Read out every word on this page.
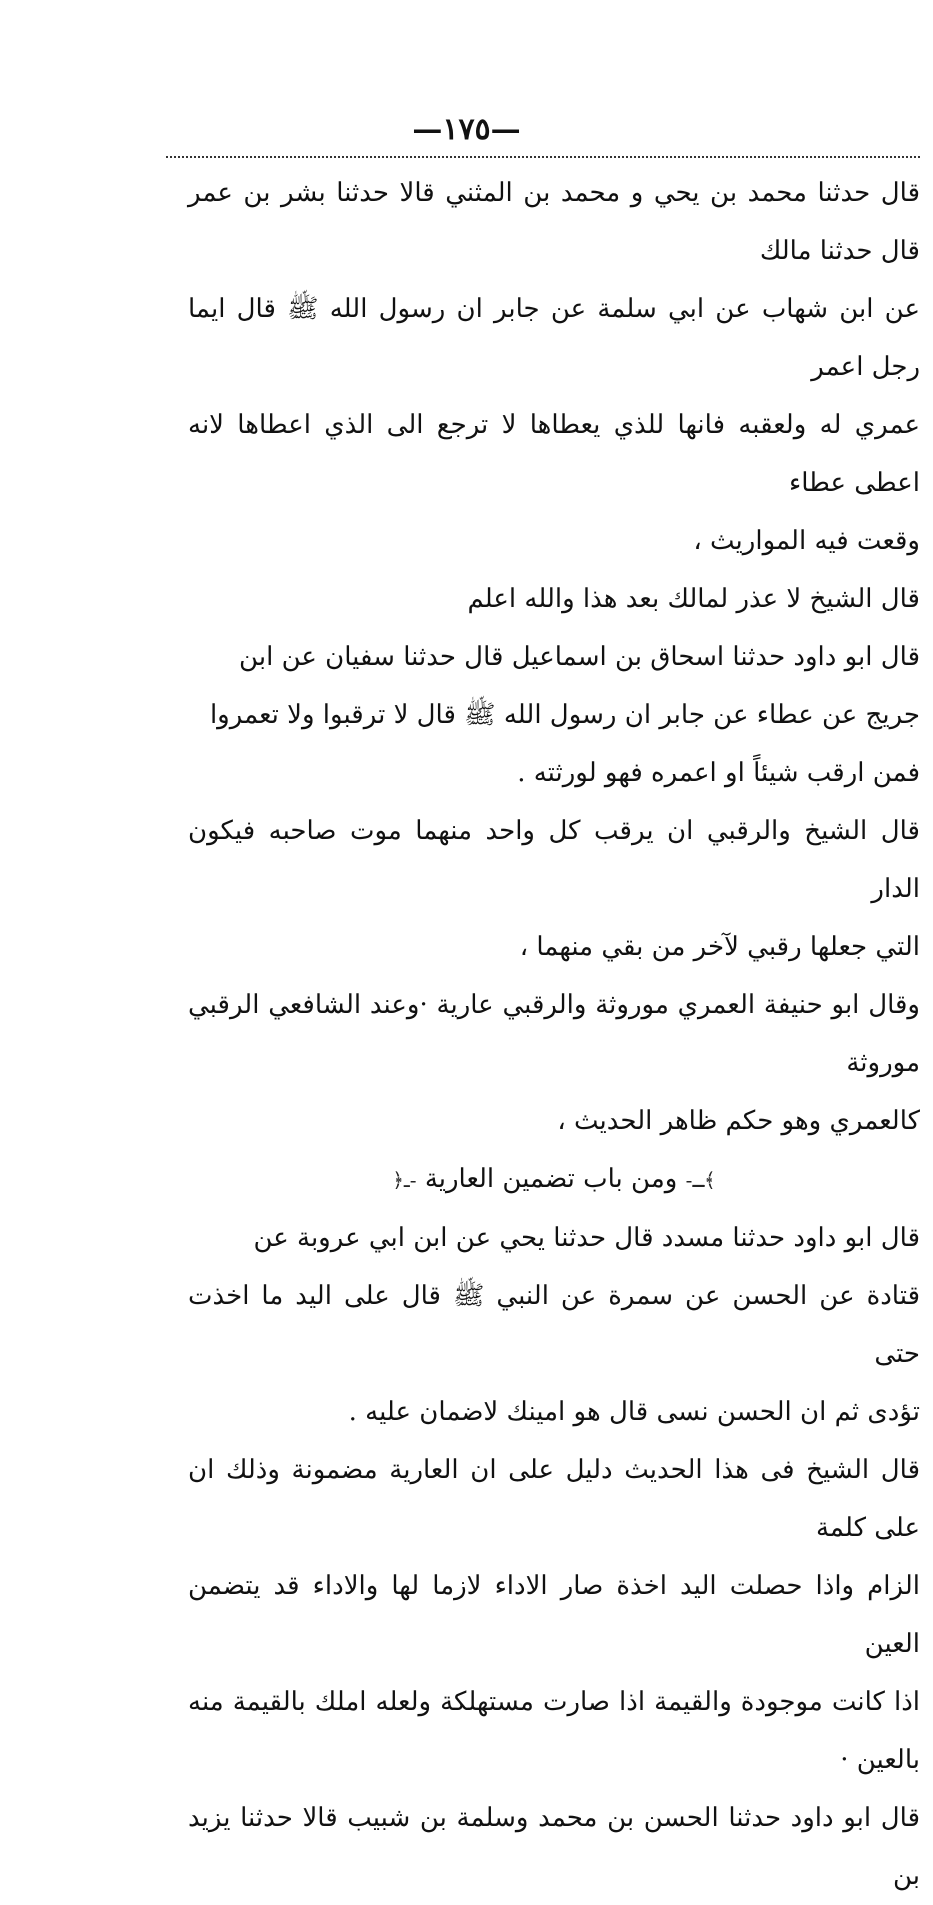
—١٧٥—

قال حدثنا محمد بن يحي و محمد بن المثني قالا حدثنا بشر بن عمر قال حدثنا مالك
عن ابن شهاب عن ابي سلمة عن جابر ان رسول الله ﷺ قال ايما رجل اعمر
عمري له ولعقبه فانها للذي يعطاها لا ترجع الى الذي اعطاها لانه اعطى عطاء
وقعت فيه المواريث ،

قال الشيخ لا عذر لمالك بعد هذا والله اعلم

قال ابو داود حدثنا اسحاق بن اسماعيل قال حدثنا سفيان عن ابن
جريج عن عطاء عن جابر ان رسول الله ﷺ قال لا ترقبوا ولا تعمروا
فمن ارقب شيئاً او اعمره فهو لورثته .

قال الشيخ والرقبي ان يرقب كل واحد منهما موت صاحبه فيكون الدار
التي جعلها رقبي لآخر من بقي منهما ،

وقال ابو حنيفة العمري موروثة والرقبي عارية ·وعند الشافعي الرقبي موروثة
كالعمري وهو حكم ظاهر الحديث ،

﴾ـ- ومن باب تضمين العارية -ـ﴿

قال ابو داود حدثنا مسدد قال حدثنا يحي عن ابن ابي عروبة عن
قتادة عن الحسن عن سمرة عن النبي ﷺ قال على اليد ما اخذت حتى
تؤدى ثم ان الحسن نسى قال هو امينك لاضمان عليه .

قال الشيخ فى هذا الحديث دليل على ان العارية مضمونة وذلك ان على كلمة
الزام واذا حصلت اليد اخذة صار الاداء لازما لها والاداء قد يتضمن العين
اذا كانت موجودة والقيمة اذا صارت مستهلكة ولعله املك بالقيمة منه بالعين ·

قال ابو داود حدثنا الحسن بن محمد وسلمة بن شبيب قالا حدثنا يزيد بن
